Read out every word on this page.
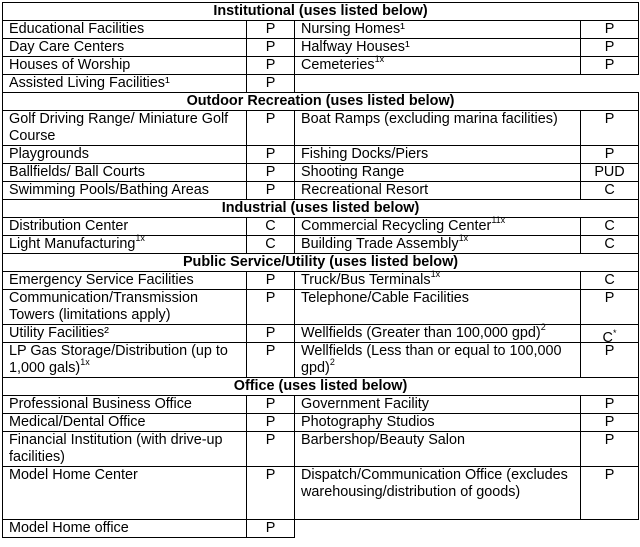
Institutional (uses listed below)			
Educational Facilities	P	Nursing Homes¹	P
Day Care Centers	P	Halfway Houses¹	P
Houses of Worship	P	Cemeteries$^{1x}$	P
Assisted Living Facilities¹	P		
Outdoor Recreation (uses listed below)			
Golf Driving Range/ Miniature Golf Course	P	Boat Ramps (excluding marina facilities)	P
Playgrounds	P	Fishing Docks/Piers	P
Ballfields/ Ball Courts	P	Shooting Range	PUD
Swimming Pools/Bathing Areas	P	Recreational Resort	C
Industrial (uses listed below)			
Distribution Center	C	Commercial Recycling Center$^{11x}$	C
Light Manufacturing$^{1x}$	C	Building Trade Assembly$^{1x}$	C
Public Service/Utility (uses listed below)			
Emergency Service Facilities	P	Truck/Bus Terminals$^{1x}$	C
Communication/Transmission Towers (limitations apply)	P	Telephone/Cable Facilities	P
Utility Facilities²	P	Wellfields (Greater than 100,000 gpd)$^2$	C*
LP Gas Storage/Distribution (up to 1,000 gals)$^{1x}$	P	Wellfields (Less than or equal to 100,000 gpd)$^2$	P
Office (uses listed below)			
Professional Business Office	P	Government Facility	P
Medical/Dental Office	P	Photography Studios	P
Financial Institution (with drive-up facilities)	P	Barbershop/Beauty Salon	P
Model Home Center	P	Dispatch/Communication Office (excludes warehousing/distribution of goods)	P
Model Home office	P		
